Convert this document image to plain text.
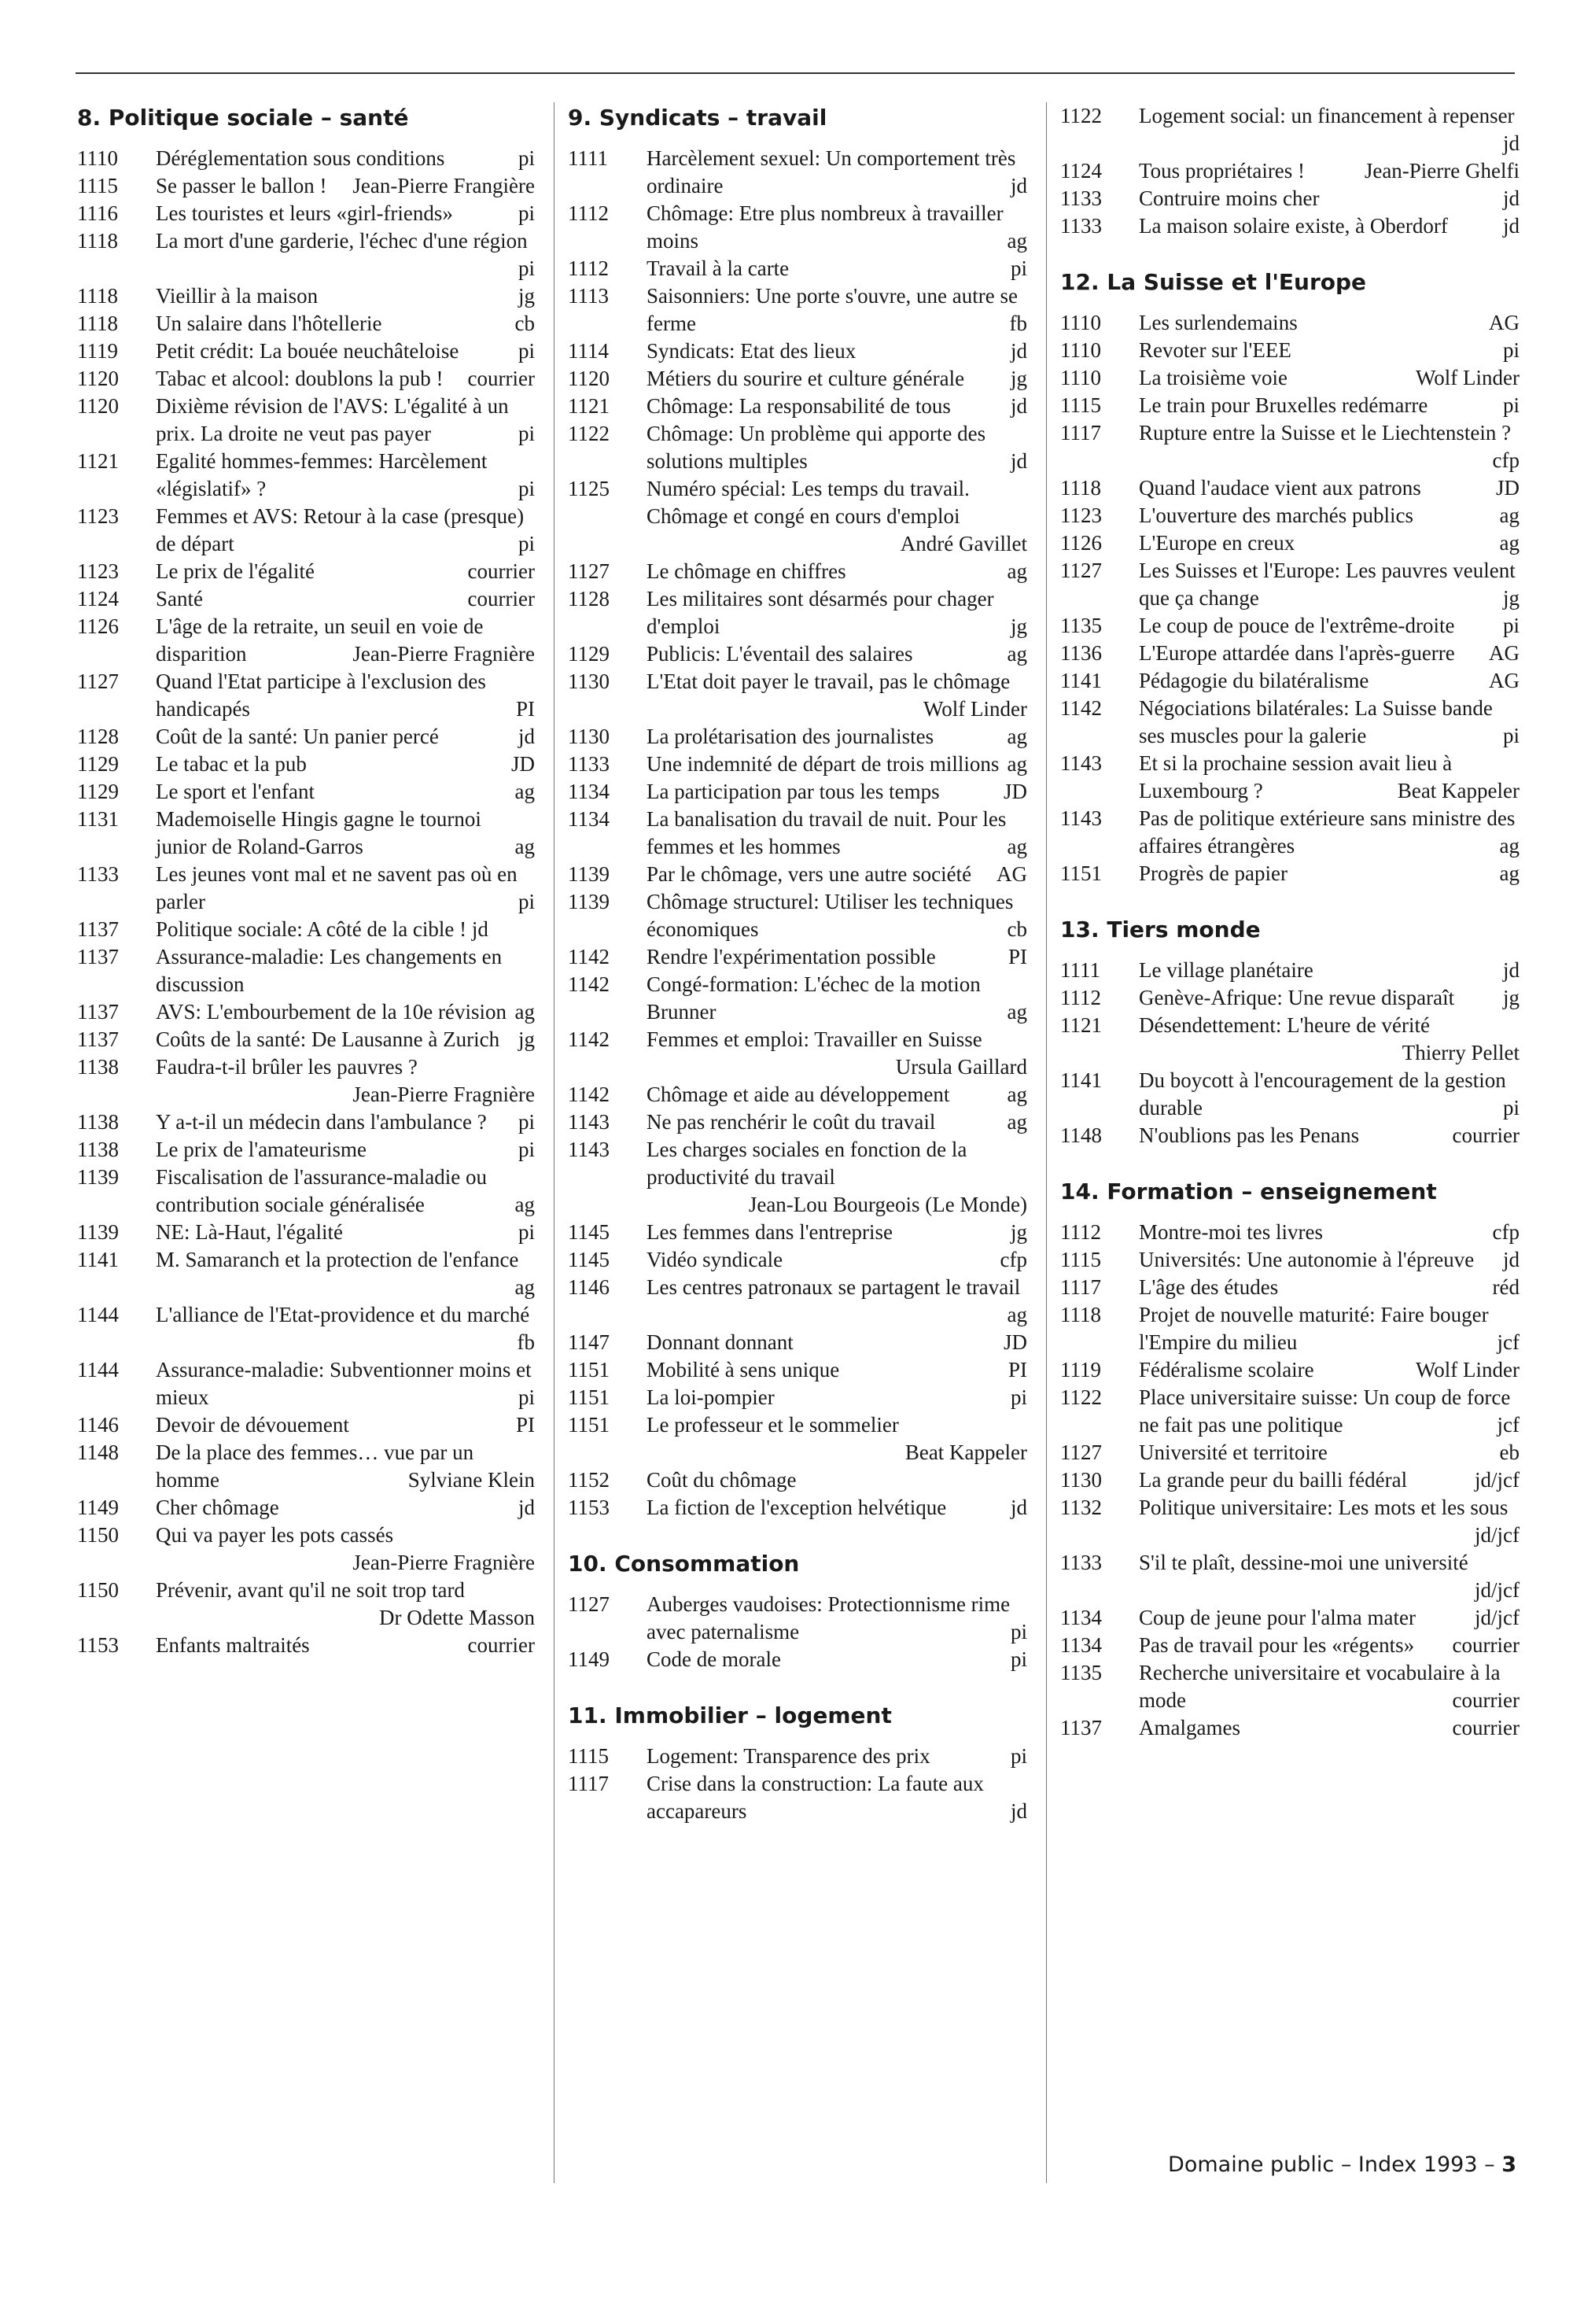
8. Politique sociale – santé
1110	Déréglementation sous conditions	pi
1115	Se passer le ballon ! Jean-Pierre Frangière
1116	Les touristes et leurs «girl-friends»	pi
1118	La mort d'une garderie, l'échec d'une région
pi
1118	Vieillir à la maison	jg
1118	Un salaire dans l'hôtellerie	cb
1119	Petit crédit: La bouée neuchâteloise	pi
1120	Tabac et alcool: doublons la pub ! courrier
1120	Dixième révision de l'AVS: L'égalité à un prix. La droite ne veut pas payer	pi
1121	Egalité hommes-femmes: Harcèlement «législatif» ?	pi
1123	Femmes et AVS: Retour à la case (presque) de départ	pi
1123	Le prix de l'égalité	courrier
1124	Santé	courrier
1126	L'âge de la retraite, un seuil en voie de disparition	Jean-Pierre Fragnière
1127	Quand l'Etat participe à l'exclusion des handicapés	PI
1128	Coût de la santé: Un panier percé	jd
1129	Le tabac et la pub	JD
1129	Le sport et l'enfant	ag
1131	Mademoiselle Hingis gagne le tournoi junior de Roland-Garros	ag
1133	Les jeunes vont mal et ne savent pas où en parler	pi
1137	Politique sociale: A côté de la cible ! jd
1137	Assurance-maladie: Les changements en discussion
1137	AVS: L'embourbement de la 10e révision ag
1137	Coûts de la santé: De Lausanne à Zurich jg
1138	Faudra-t-il brûler les pauvres ?
Jean-Pierre Fragnière
1138	Y a-t-il un médecin dans l'ambulance ? pi
1138	Le prix de l'amateurisme	pi
1139	Fiscalisation de l'assurance-maladie ou contribution sociale généralisée	ag
1139	NE: Là-Haut, l'égalité	pi
1141	M. Samaranch et la protection de l'enfance
ag
1144	L'alliance de l'Etat-providence et du marché
fb
1144	Assurance-maladie: Subventionner moins et mieux	pi
1146	Devoir de dévouement	PI
1148	De la place des femmes… vue par un homme	Sylviane Klein
1149	Cher chômage	jd
1150	Qui va payer les pots cassés
Jean-Pierre Fragnière
1150	Prévenir, avant qu'il ne soit trop tard
Dr Odette Masson
1153	Enfants maltraités	courrier
9. Syndicats – travail
1111	Harcèlement sexuel: Un comportement très ordinaire	jd
1112	Chômage: Etre plus nombreux à travailler moins	ag
1112	Travail à la carte	pi
1113	Saisonniers: Une porte s'ouvre, une autre se ferme	fb
1114	Syndicats: Etat des lieux	jd
1120	Métiers du sourire et culture générale jg
1121	Chômage: La responsabilité de tous	jd
1122	Chômage: Un problème qui apporte des solutions multiples	jd
1125	Numéro spécial: Les temps du travail. Chômage et congé en cours d'emploi
André Gavillet
1127	Le chômage en chiffres	ag
1128	Les militaires sont désarmés pour chager d'emploi	jg
1129	Publicis: L'éventail des salaires	ag
1130	L'Etat doit payer le travail, pas le chômage
Wolf Linder
1130	La prolétarisation des journalistes	ag
1133	Une indemnité de départ de trois millions ag
1134	La participation par tous les temps	JD
1134	La banalisation du travail de nuit. Pour les femmes et les hommes	ag
1139	Par le chômage, vers une autre société AG
1139	Chômage structurel: Utiliser les techniques économiques	cb
1142	Rendre l'expérimentation possible	PI
1142	Congé-formation: L'échec de la motion Brunner	ag
1142	Femmes et emploi: Travailler en Suisse
Ursula Gaillard
1142	Chômage et aide au développement	ag
1143	Ne pas renchérir le coût du travail	ag
1143	Les charges sociales en fonction de la productivité du travail
Jean-Lou Bourgeois (Le Monde)
1145	Les femmes dans l'entreprise	jg
1145	Vidéo syndicale	cfp
1146	Les centres patronaux se partagent le travail
ag
1147	Donnant donnant	JD
1151	Mobilité à sens unique	PI
1151	La loi-pompier	pi
1151	Le professeur et le sommelier
Beat Kappeler
1152	Coût du chômage
1153	La fiction de l'exception helvétique	jd
10. Consommation
1127	Auberges vaudoises: Protectionnisme rime avec paternalisme	pi
1149	Code de morale	pi
11. Immobilier – logement
1115	Logement: Transparence des prix	pi
1117	Crise dans la construction: La faute aux accapareurs	jd
1122	Logement social: un financement à repenser
jd
1124	Tous propriétaires !	Jean-Pierre Ghelfi
1133	Contruire moins cher	jd
1133	La maison solaire existe, à Oberdorf	jd
12. La Suisse et l'Europe
1110	Les surlendemains	AG
1110	Revoter sur l'EEE	pi
1110	La troisième voie	Wolf Linder
1115	Le train pour Bruxelles redémarre	pi
1117	Rupture entre la Suisse et le Liechtenstein ?
cfp
1118	Quand l'audace vient aux patrons	JD
1123	L'ouverture des marchés publics	ag
1126	L'Europe en creux	ag
1127	Les Suisses et l'Europe: Les pauvres veulent que ça change	jg
1135	Le coup de pouce de l'extrême-droite pi
1136	L'Europe attardée dans l'après-guerre AG
1141	Pédagogie du bilatéralisme	AG
1142	Négociations bilatérales: La Suisse bande ses muscles pour la galerie	pi
1143	Et si la prochaine session avait lieu à Luxembourg ?	Beat Kappeler
1143	Pas de politique extérieure sans ministre des affaires étrangères	ag
1151	Progrès de papier	ag
13. Tiers monde
1111	Le village planétaire	jd
1112	Genève-Afrique: Une revue disparaît jg
1121	Désendettement: L'heure de vérité
Thierry Pellet
1141	Du boycott à l'encouragement de la gestion durable	pi
1148	N'oublions pas les Penans	courrier
14. Formation – enseignement
1112	Montre-moi tes livres	cfp
1115	Universités: Une autonomie à l'épreuve jd
1117	L'âge des études	réd
1118	Projet de nouvelle maturité: Faire bouger l'Empire du milieu	jcf
1119	Fédéralisme scolaire	Wolf Linder
1122	Place universitaire suisse: Un coup de force ne fait pas une politique	jcf
1127	Université et territoire	eb
1130	La grande peur du bailli fédéral	jd/jcf
1132	Politique universitaire: Les mots et les sous
jd/jcf
1133	S'il te plaît, dessine-moi une université
jd/jcf
1134	Coup de jeune pour l'alma mater	jd/jcf
1134	Pas de travail pour les «régents» courrier
1135	Recherche universitaire et vocabulaire à la mode	courrier
1137	Amalgames	courrier
Domaine public – Index 1993 – 3
